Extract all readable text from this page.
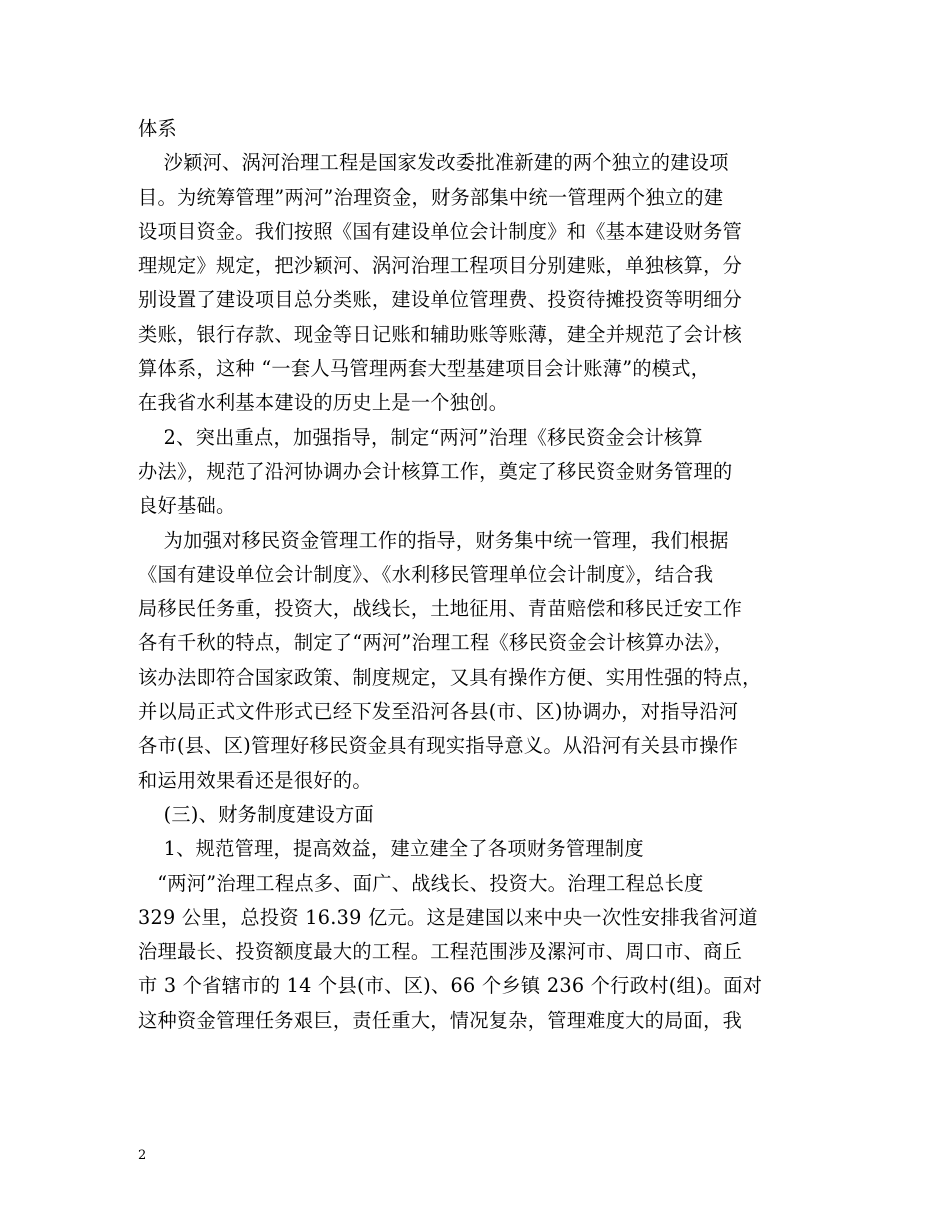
体系
沙颖河、涡河治理工程是国家发改委批准新建的两个独立的建设项
目。为统筹管理”两河”治理资金，财务部集中统一管理两个独立的建
设项目资金。我们按照《国有建设单位会计制度》和《基本建设财务管
理规定》规定，把沙颖河、涡河治理工程项目分别建账，单独核算，分
别设置了建设项目总分类账，建设单位管理费、投资待摊投资等明细分
类账，银行存款、现金等日记账和辅助账等账薄，建全并规范了会计核
算体系，这种 “一套人马管理两套大型基建项目会计账薄”的模式，
在我省水利基本建设的历史上是一个独创。
2、突出重点，加强指导，制定“两河”治理《移民资金会计核算
办法》，规范了沿河协调办会计核算工作，奠定了移民资金财务管理的
良好基础。
为加强对移民资金管理工作的指导，财务集中统一管理，我们根据
《国有建设单位会计制度》、《水利移民管理单位会计制度》，结合我
局移民任务重，投资大，战线长，土地征用、青苗赔偿和移民迁安工作
各有千秋的特点，制定了“两河”治理工程《移民资金会计核算办法》，
该办法即符合国家政策、制度规定，又具有操作方便、实用性强的特点，
并以局正式文件形式已经下发至沿河各县(市、区)协调办，对指导沿河
各市(县、区)管理好移民资金具有现实指导意义。从沿河有关县市操作
和运用效果看还是很好的。
(三)、财务制度建设方面
1、规范管理，提高效益，建立建全了各项财务管理制度
“两河”治理工程点多、面广、战线长、投资大。治理工程总长度
329 公里，总投资 16.39 亿元。这是建国以来中央一次性安排我省河道
治理最长、投资额度最大的工程。工程范围涉及漯河市、周口市、商丘
市 3 个省辖市的 14 个县(市、区)、66 个乡镇 236 个行政村(组)。面对
这种资金管理任务艰巨，责任重大，情况复杂，管理难度大的局面，我
2
